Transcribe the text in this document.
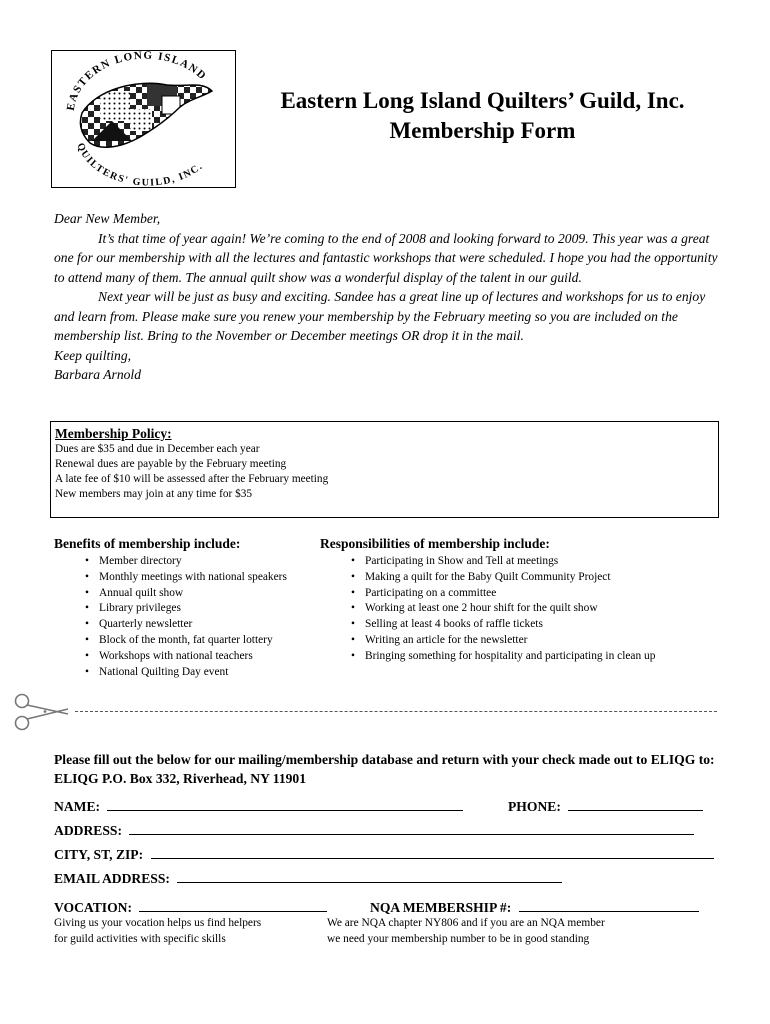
EASTERN LONG ISLAND
QUILTERS' GUILD, INC.
Eastern Long Island Quilters’ Guild, Inc.
Membership Form

Dear New Member,

It’s that time of year again! We’re coming to the end of 2008 and looking forward to 2009. This year was a great one for our membership with all the lectures and fantastic workshops that were scheduled. I hope you had the opportunity to attend many of them. The annual quilt show was a wonderful display of the talent in our guild.

Next year will be just as busy and exciting. Sandee has a great line up of lectures and workshops for us to enjoy and learn from. Please make sure you renew your membership by the February meeting so you are included on the membership list. Bring to the November or December meetings OR drop it in the mail.

Keep quilting,

Barbara Arnold

Membership Policy:
Dues are $35 and due in December each year
Renewal dues are payable by the February meeting
A late fee of $10 will be assessed after the February meeting
New members may join at any time for $35
Benefits of membership include:
• Member directory
• Monthly meetings with national speakers
• Annual quilt show
• Library privileges
• Quarterly newsletter
• Block of the month, fat quarter lottery
• Workshops with national teachers
• National Quilting Day event
Responsibilities of membership include:
• Participating in Show and Tell at meetings
• Making a quilt for the Baby Quilt Community Project
• Participating on a committee
• Working at least one 2 hour shift for the quilt show
• Selling at least 4 books of raffle tickets
• Writing an article for the newsletter
• Bringing something for hospitality and participating in clean up
Please fill out the below for our mailing/membership database and return with your check made out to ELIQG to: ELIQG P.O. Box 332, Riverhead, NY 11901
NAME:	PHONE:
ADDRESS:
CITY, ST, ZIP:
EMAIL ADDRESS:
VOCATION:	NQA MEMBERSHIP #:
Giving us your vocation helps us find helpers
for guild activities with specific skills
We are NQA chapter NY806 and if you are an NQA member
we need your membership number to be in good standing
